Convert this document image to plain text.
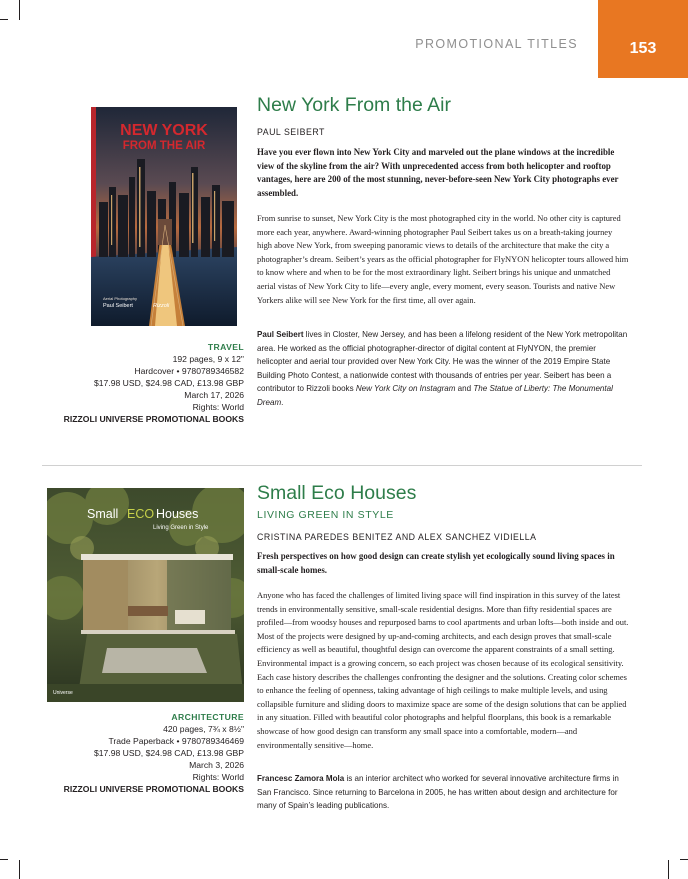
PROMOTIONAL TITLES	153
NEW YORK
FROM THE AIR
Aerial Photography
Paul Seibert	Rizzoli
TRAVEL
192 pages, 9 x 12"
Hardcover • 9780789346582
$17.98 USD, $24.98 CAD, £13.98 GBP
March 17, 2026
Rights: World
RIZZOLI UNIVERSE PROMOTIONAL BOOKS
New York From the Air
PAUL SEIBERT
Have you ever flown into New York City and marveled out the plane windows at the incredible view of the skyline from the air? With unprecedented access from both helicopter and rooftop vantages, here are 200 of the most stunning, never-before-seen New York City photographs ever assembled.
From sunrise to sunset, New York City is the most photographed city in the world. No other city is captured more each year, anywhere. Award-winning photographer Paul Seibert takes us on a breath-taking journey high above New York, from sweeping panoramic views to details of the architecture that make the city a photographer’s dream. Seibert’s years as the official photographer for FlyNYON helicopter tours allowed him to know where and when to be for the most extraordinary light. Seibert brings his unique and unmatched aerial vistas of New York City to life—every angle, every moment, every season. Tourists and native New Yorkers alike will see New York for the first time, all over again.
Paul Seibert lives in Closter, New Jersey, and has been a lifelong resident of the New York metropolitan area. He worked as the official photographer-director of digital content at FlyNYON, the premier helicopter and aerial tour provided over New York City. He was the winner of the 2019 Empire State Building Photo Contest, a nationwide contest with thousands of entries per year. Seibert has been a contributor to Rizzoli books New York City on Instagram and The Statue of Liberty: The Monumental Dream.
Small ECO Houses
Living Green in Style
Universe
ARCHITECTURE
420 pages, 7¾ x 8½"
Trade Paperback • 9780789346469
$17.98 USD, $24.98 CAD, £13.98 GBP
March 3, 2026
Rights: World
RIZZOLI UNIVERSE PROMOTIONAL BOOKS
Small Eco Houses
LIVING GREEN IN STYLE
CRISTINA PAREDES BENITEZ AND ALEX SANCHEZ VIDIELLA
Fresh perspectives on how good design can create stylish yet ecologically sound living spaces in small-scale homes.
Anyone who has faced the challenges of limited living space will find inspiration in this survey of the latest trends in environmentally sensitive, small-scale residential designs. More than fifty residential spaces are profiled—from woodsy houses and repurposed barns to cool apartments and urban lofts—both inside and out. Most of the projects were designed by up-and-coming architects, and each design proves that small-scale efficiency as well as beautiful, thoughtful design can overcome the apparent constraints of a small setting. Environmental impact is a growing concern, so each project was chosen because of its ecological sensitivity. Each case history describes the challenges confronting the designer and the solutions. Creating color schemes to enhance the feeling of openness, taking advantage of high ceilings to make multiple levels, and using collapsible furniture and sliding doors to maximize space are some of the design solutions that can be applied in any situation. Filled with beautiful color photographs and helpful floorplans, this book is a remarkable showcase of how good design can transform any small space into a comfortable, modern—and environmentally sensitive—home.
Francesc Zamora Mola is an interior architect who worked for several innovative architecture firms in San Francisco. Since returning to Barcelona in 2005, he has written about design and architecture for many of Spain’s leading publications.
